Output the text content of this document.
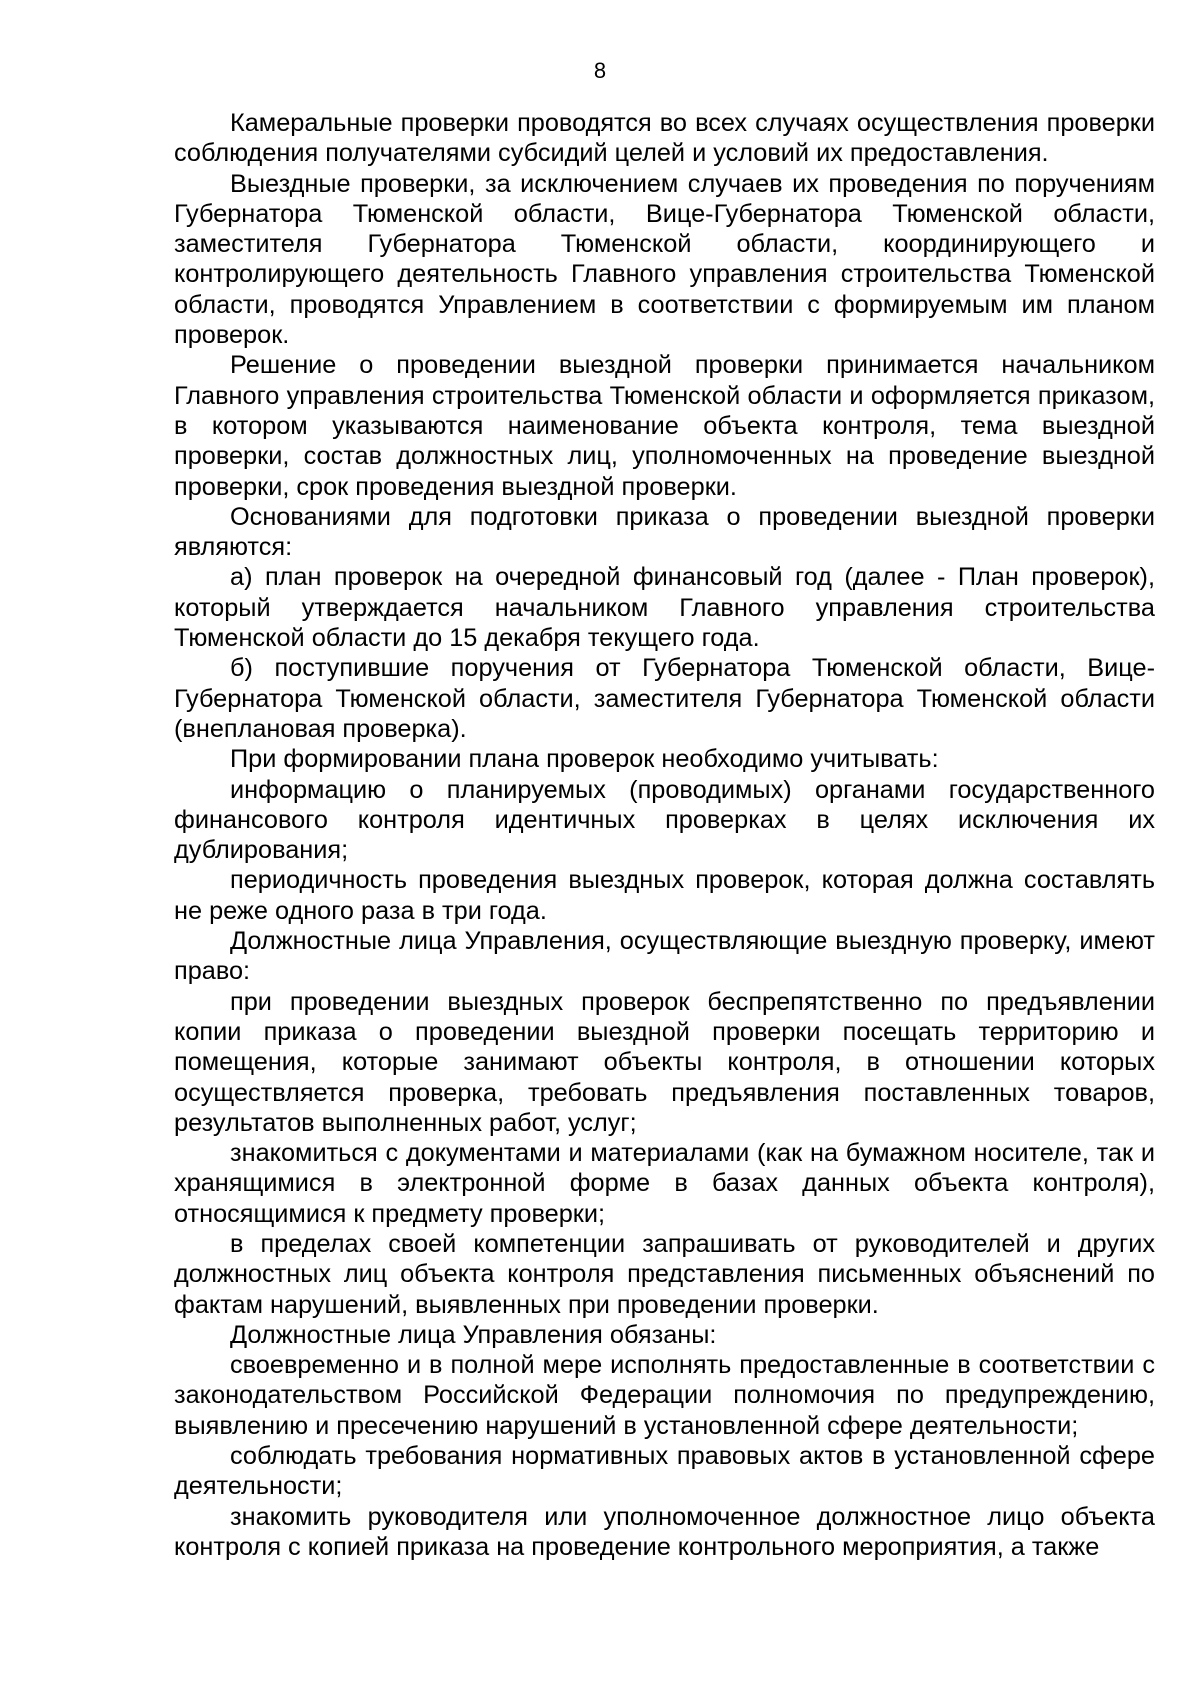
8

Камеральные проверки проводятся во всех случаях осуществления проверки соблюдения получателями субсидий целей и условий их предоставления.

Выездные проверки, за исключением случаев их проведения по поручениям Губернатора Тюменской области, Вице-Губернатора Тюменской области, заместителя Губернатора Тюменской области, координирующего и контролирующего деятельность Главного управления строительства Тюменской области, проводятся Управлением в соответствии с формируемым им планом проверок.

Решение о проведении выездной проверки принимается начальником Главного управления строительства Тюменской области и оформляется приказом, в котором указываются наименование объекта контроля, тема выездной проверки, состав должностных лиц, уполномоченных на проведение выездной проверки, срок проведения выездной проверки.

Основаниями для подготовки приказа о проведении выездной проверки являются:

а) план проверок на очередной финансовый год (далее - План проверок), который утверждается начальником Главного управления строительства Тюменской области до 15 декабря текущего года.

б) поступившие поручения от Губернатора Тюменской области, Вице-Губернатора Тюменской области, заместителя Губернатора Тюменской области (внеплановая проверка).

При формировании плана проверок необходимо учитывать:

информацию о планируемых (проводимых) органами государственного финансового контроля идентичных проверках в целях исключения их дублирования;

периодичность проведения выездных проверок, которая должна составлять не реже одного раза в три года.

Должностные лица Управления, осуществляющие выездную проверку, имеют право:

при проведении выездных проверок беспрепятственно по предъявлении копии приказа о проведении выездной проверки посещать территорию и помещения, которые занимают объекты контроля, в отношении которых осуществляется проверка, требовать предъявления поставленных товаров, результатов выполненных работ, услуг;

знакомиться с документами и материалами (как на бумажном носителе, так и хранящимися в электронной форме в базах данных объекта контроля), относящимися к предмету проверки;

в пределах своей компетенции запрашивать от руководителей и других должностных лиц объекта контроля представления письменных объяснений по фактам нарушений, выявленных при проведении проверки.

Должностные лица Управления обязаны:

своевременно и в полной мере исполнять предоставленные в соответствии с законодательством Российской Федерации полномочия по предупреждению, выявлению и пресечению нарушений в установленной сфере деятельности;

соблюдать требования нормативных правовых актов в установленной сфере деятельности;

знакомить руководителя или уполномоченное должностное лицо объекта контроля с копией приказа на проведение контрольного мероприятия, а также
